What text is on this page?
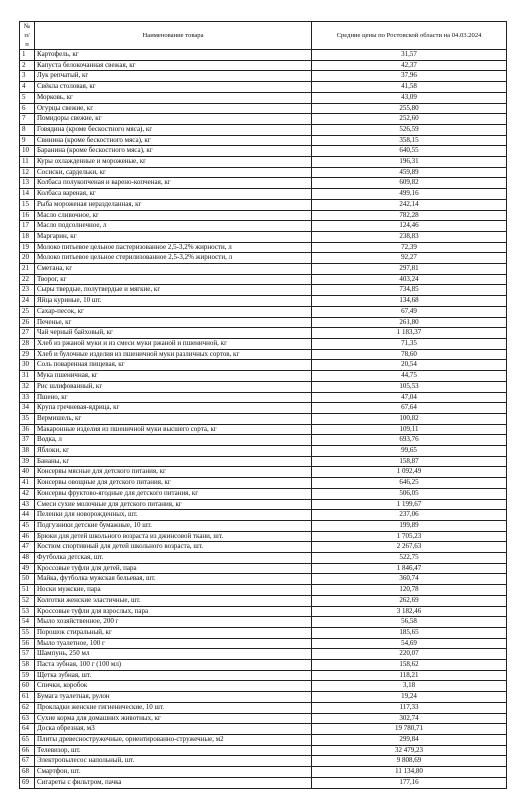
№ п/п	Наименование товара	Средние цены по Ростовской области на 04.03.2024
1	Картофель, кг	31,57
2	Капуста белокочанная свежая, кг	42,37
3	Лук репчатый, кг	37,96
4	Свёкла столовая, кг	41,58
5	Морковь, кг	43,09
6	Огурцы свежие, кг	255,80
7	Помидоры свежие, кг	252,60
8	Говядина (кроме бескостного мяса), кг	526,59
9	Свинина (кроме бескостного мяса), кг	358,15
10	Баранина (кроме бескостного мяса), кг	640,55
11	Куры охлажденные и мороженые, кг	196,31
12	Сосиски, сардельки, кг	459,89
13	Колбаса полукопченая и варено-копченая, кг	609,82
14	Колбаса вареная, кг	499,16
15	Рыба мороженая неразделанная, кг	242,14
16	Масло сливочное, кг	782,28
17	Масло подсолнечное, л	124,46
18	Маргарин, кг	238,83
19	Молоко питьевое цельное пастеризованное 2,5-3,2% жирности, л	72,39
20	Молоко питьевое цельное стерилизованное 2,5-3,2% жирности, л	92,27
21	Сметана, кг	297,81
22	Творог, кг	403,24
23	Сыры твердые, полутвердые и мягкие, кг	734,85
24	Яйца куриные, 10 шт.	134,68
25	Сахар-песок, кг	67,49
26	Печенье, кг	261,80
27	Чай черный байховый, кг	1 183,37
28	Хлеб из ржаной муки и из смеси муки ржаной и пшеничной, кг	71,35
29	Хлеб и булочные изделия из пшеничной муки различных сортов, кг	78,60
30	Соль поваренная пищевая, кг	20,54
31	Мука пшеничная, кг	44,75
32	Рис шлифованный, кг	105,53
33	Пшено, кг	47,04
34	Крупа гречневая-ядрица, кг	67,64
35	Вермишель, кг	100,82
36	Макаронные изделия из пшеничной муки высшего сорта, кг	109,11
37	Водка, л	693,76
38	Яблоки, кг	99,65
39	Бананы, кг	158,87
40	Консервы мясные для детского питания, кг	1 092,49
41	Консервы овощные для детского питания, кг	646,25
42	Консервы фруктово-ягодные для детского питания, кг	506,05
43	Смеси сухие молочные для детского питания, кг	1 199,67
44	Пеленки для новорожденных, шт.	237,06
45	Подгузники детские бумажные, 10 шт.	199,89
46	Брюки для детей школьного возраста из джинсовой ткани, шт.	1 705,23
47	Костюм спортивный для детей школьного возраста, шт.	2 267,63
48	Футболка детская, шт.	522,75
49	Кроссовые туфли для детей, пара	1 846,47
50	Майка, футболка мужская бельевая, шт.	360,74
51	Носки мужские, пара	120,78
52	Колготки женские эластичные, шт.	262,69
53	Кроссовые туфли для взрослых, пара	3 182,46
54	Мыло хозяйственное, 200 г	56,58
55	Порошок стиральный, кг	185,65
56	Мыло туалетное, 100 г	54,69
57	Шампунь, 250 мл	220,07
58	Паста зубная, 100 г (100 мл)	158,62
59	Щетка зубная, шт.	118,21
60	Спички, коробок	3,18
61	Бумага туалетная, рулон	19,24
62	Прокладки женские гигиенические, 10 шт.	117,33
63	Сухие корма для домашних животных, кг	302,74
64	Доска обрезная, м3	19 780,71
65	Плиты древесностружечные, ориентированно-стружечные, м2	299,84
66	Телевизор, шт.	32 479,23
67	Электропылесос напольный, шт.	9 808,69
68	Смартфон, шт.	11 134,80
69	Сигареты с фильтром, пачка	177,16
